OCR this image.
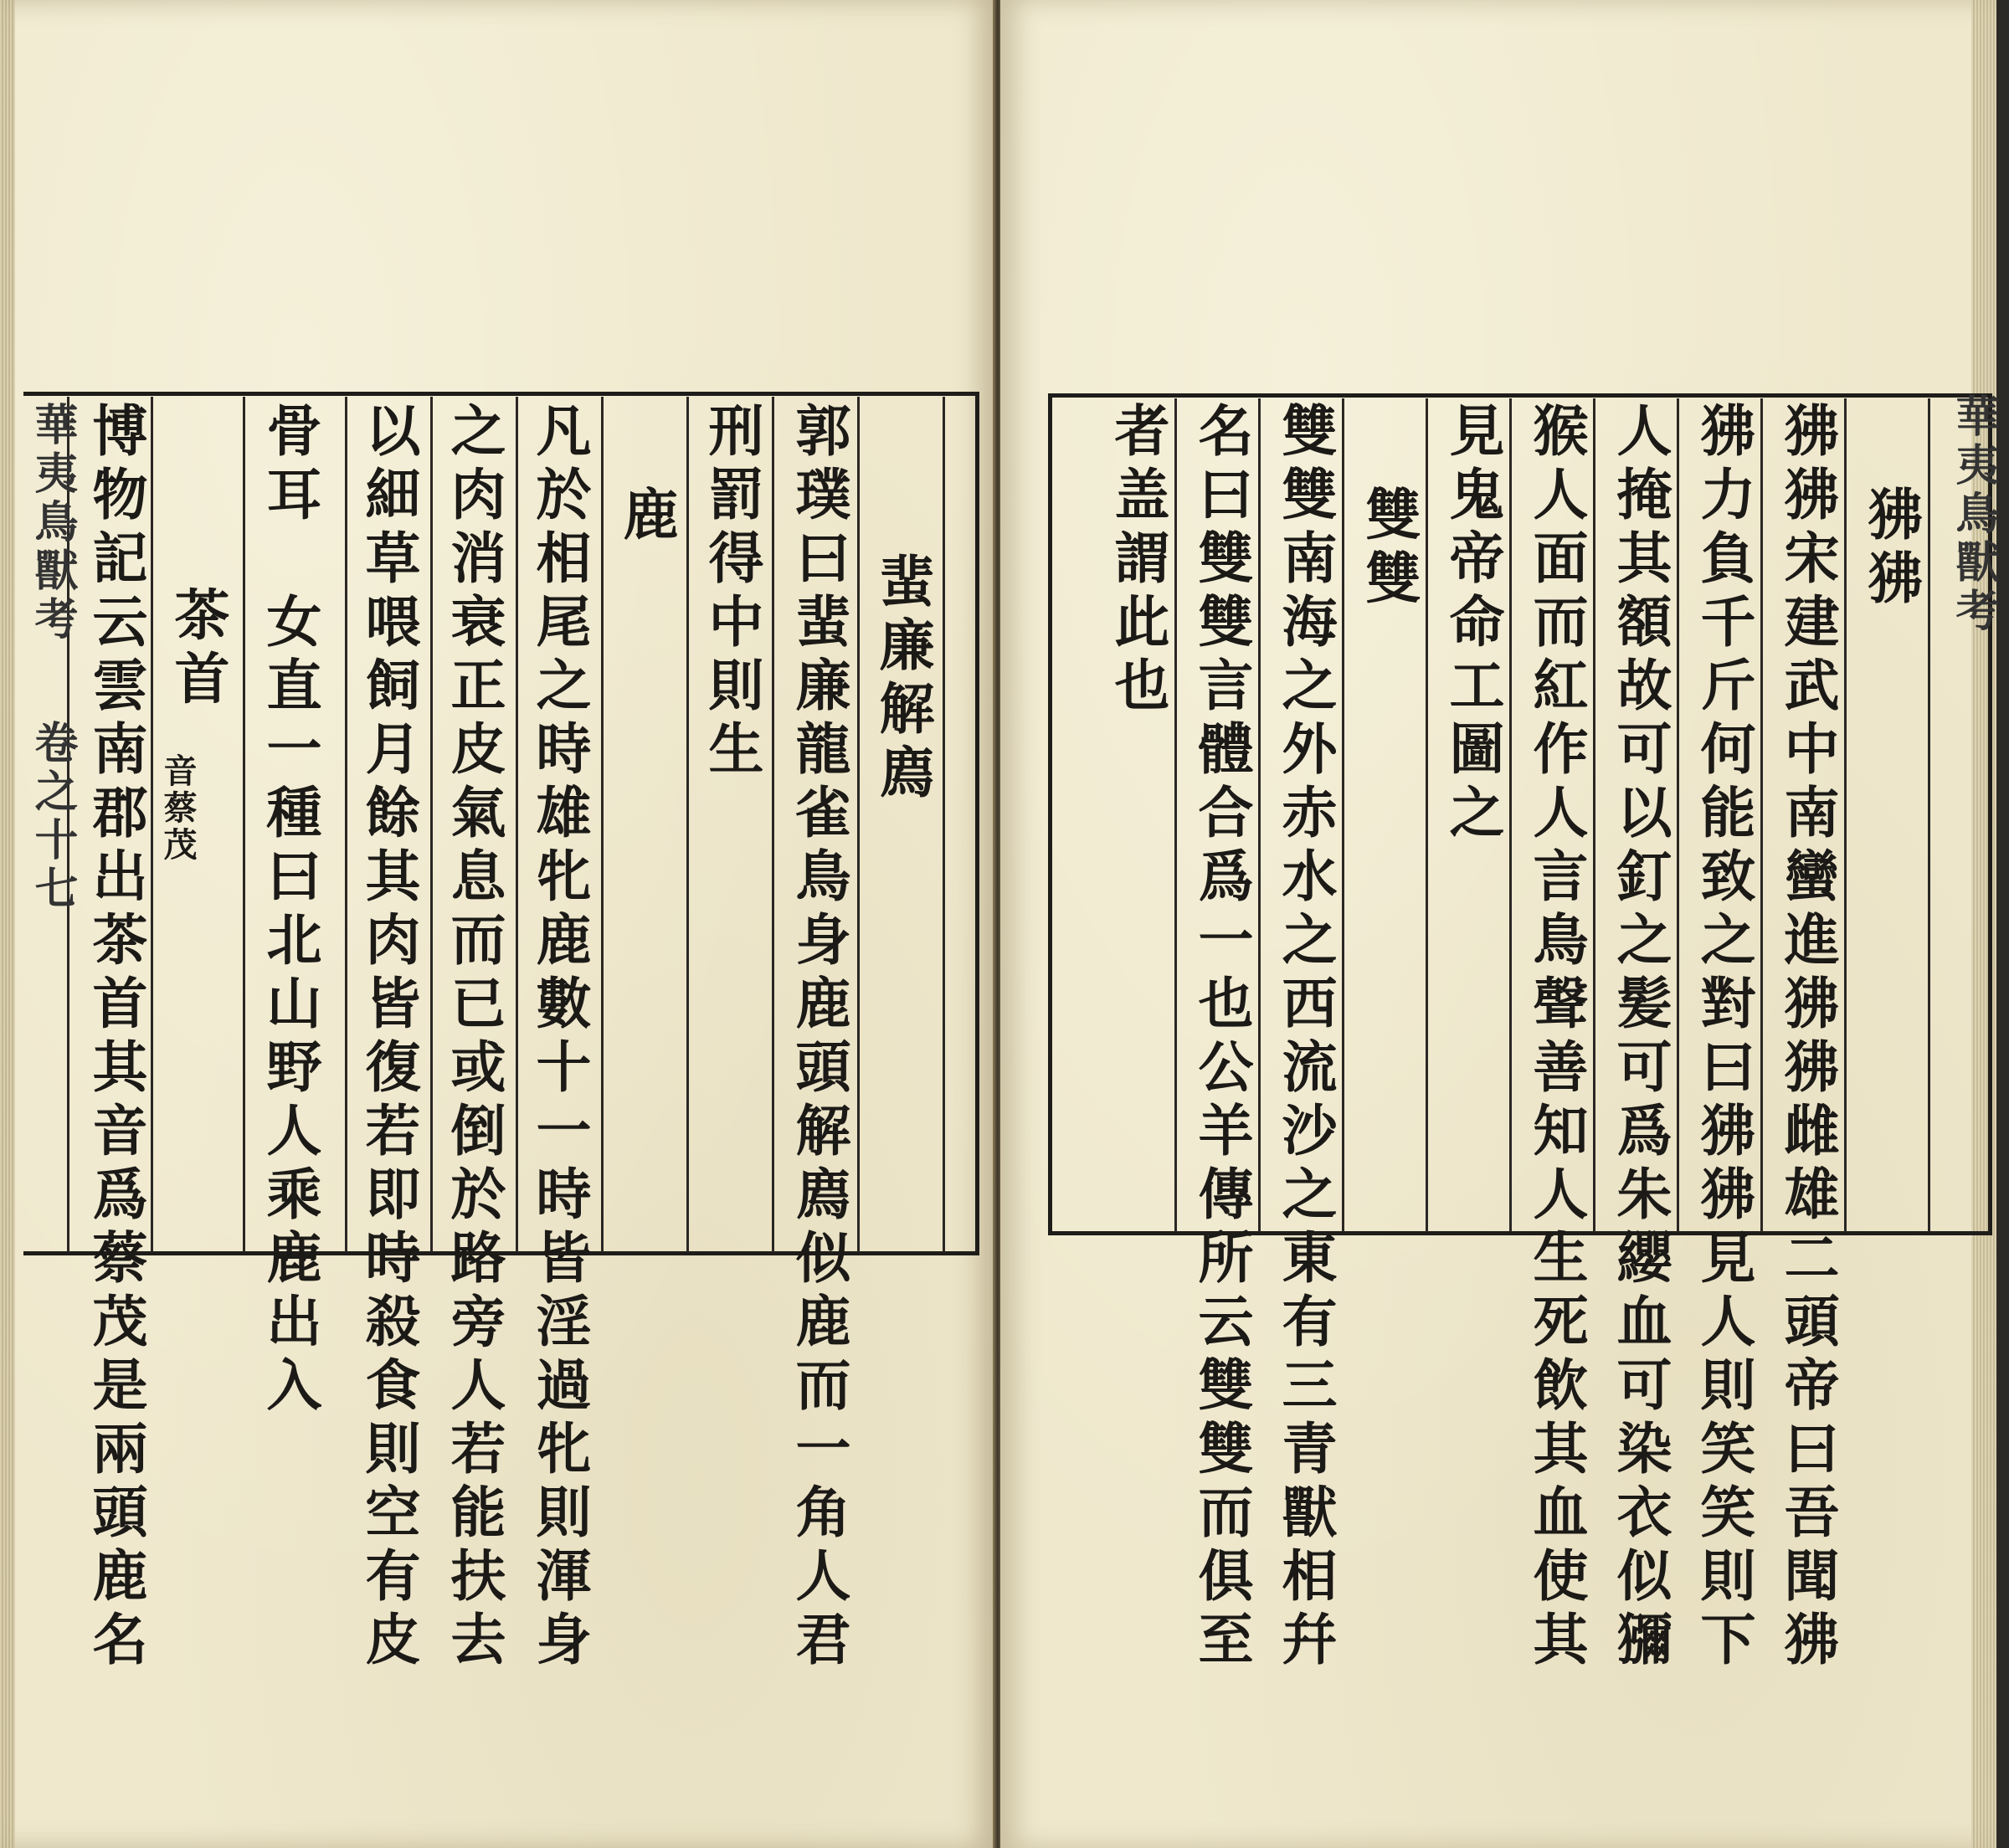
蜚廉解廌
郭璞曰蜚廉龍雀鳥身鹿頭解廌似鹿而一角人君
刑罰得中則生
鹿
凡於相尾之時雄牝鹿數十一時皆淫過牝則渾身
之肉消衰正皮氣息而已或倒於路旁人若能扶去
以細草喂飼月餘其肉皆復若即時殺食則空有皮
骨耳　女直一種曰北山野人乘鹿出入
茶首
音蔡茂
博物記云雲南郡出茶首其音爲蔡茂是兩頭鹿名
華夷鳥獸考
卷之十七
狒狒
狒狒宋建武中南蠻進狒狒雌雄二頭帝曰吾聞狒
狒力負千斤何能致之對曰狒狒見人則笑笑則下
人掩其額故可以釘之髪可爲朱纓血可染衣似獼
猴人面而紅作人言鳥聲善知人生死飲其血使其
見鬼帝命工圖之
雙雙
雙雙南海之外赤水之西流沙之東有三青獸相幷
名曰雙雙言體合爲一也公羊傳所云雙雙而俱至
者盖謂此也	華夷鳥獸考
